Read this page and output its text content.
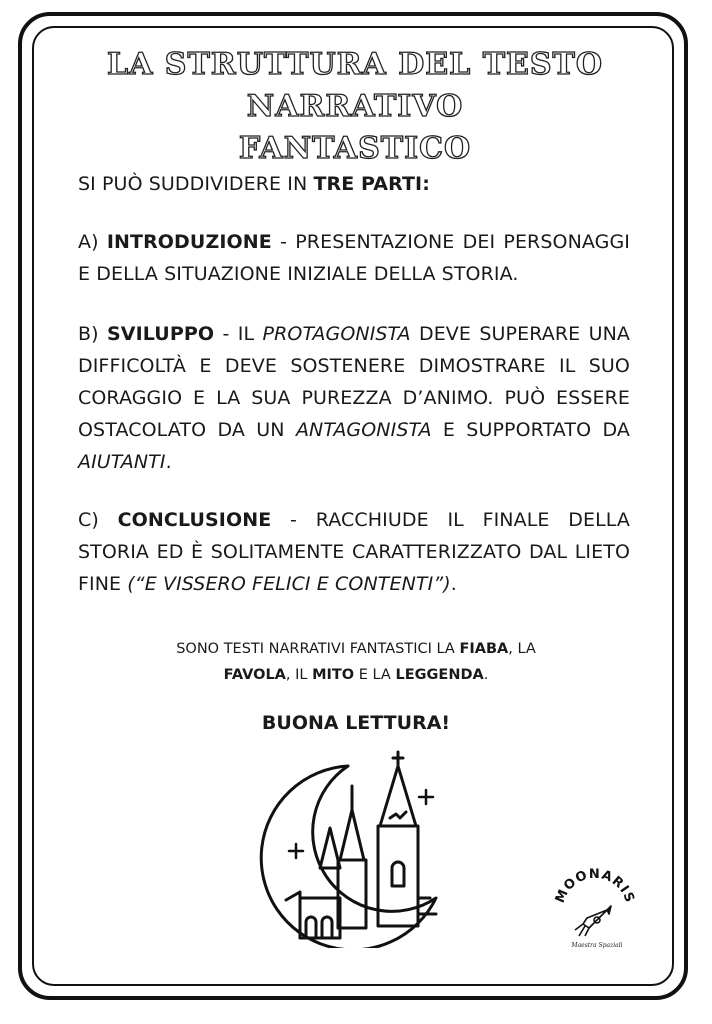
LA STRUTTURA DEL TESTO NARRATIVO
FANTASTICO

SI PUÒ SUDDIVIDERE IN TRE PARTI:

A) INTRODUZIONE - PRESENTAZIONE DEI PERSONAGGI E DELLA SITUAZIONE INIZIALE DELLA STORIA.

B) SVILUPPO - IL PROTAGONISTA DEVE SUPERARE UNA DIFFICOLTÀ E DEVE SOSTENERE DIMOSTRARE IL SUO CORAGGIO E LA SUA PUREZZA D’ANIMO. PUÒ ESSERE OSTACOLATO DA UN ANTAGONISTA E SUPPORTATO DA AIUTANTI.

C) CONCLUSIONE - RACCHIUDE IL FINALE DELLA STORIA ED È SOLITAMENTE CARATTERIZZATO DAL LIETO FINE (“E VISSERO FELICI E CONTENTI”).

SONO TESTI NARRATIVI FANTASTICI LA FIABA, LA
FAVOLA, IL MITO E LA LEGGENDA.
BUONA LETTURA!
MOONARIS
Maestra Spaziali
